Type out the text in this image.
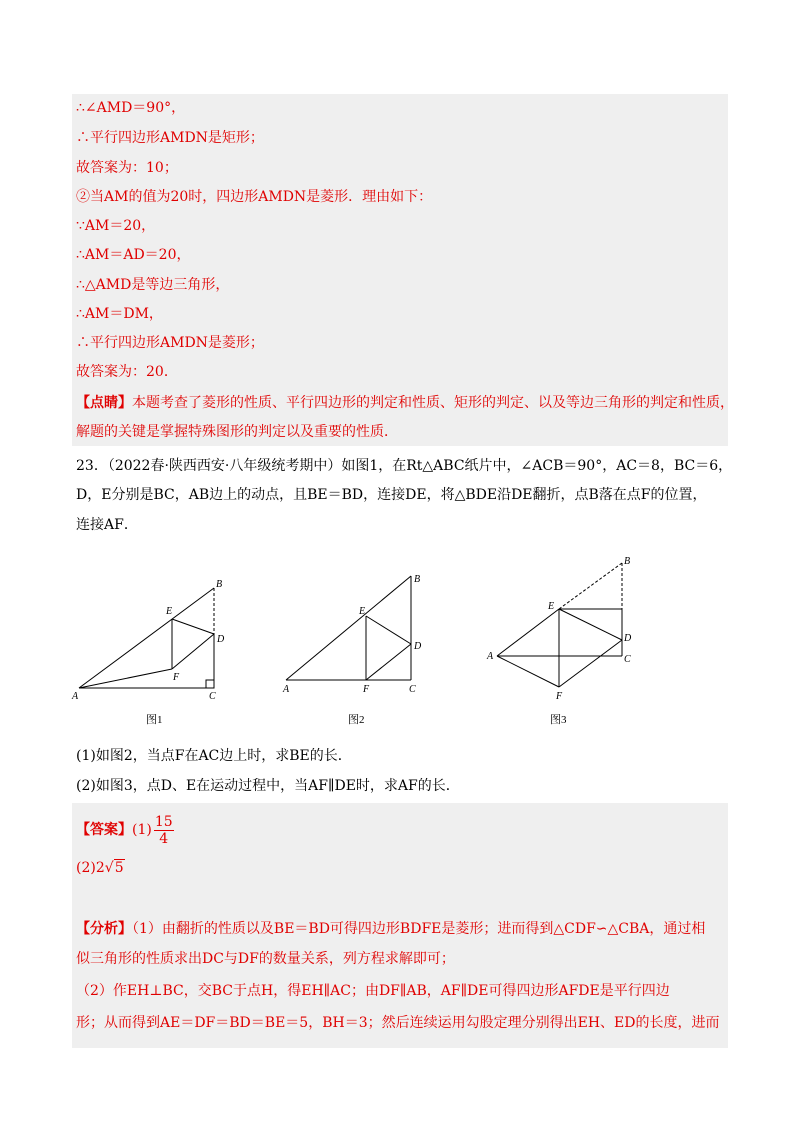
∴∠AMD＝90°，
∴平行四边形AMDN是矩形；
故答案为：10；
②当AM的值为20时，四边形AMDN是菱形．理由如下：
∵AM＝20，
∴AM＝AD＝20，
∴△AMD是等边三角形，
∴AM＝DM，
∴平行四边形AMDN是菱形；
故答案为：20．
【点睛】本题考查了菱形的性质、平行四边形的判定和性质、矩形的判定、以及等边三角形的判定和性质，
解题的关键是掌握特殊图形的判定以及重要的性质．
23．（2022春·陕西西安·八年级统考期中）如图1，在Rt△ABC纸片中，∠ACB＝90°，AC＝8，BC＝6，
D，E分别是BC，AB边上的动点，且BE＝BD，连接DE，将△BDE沿DE翻折，点B落在点F的位置，
连接AF．
A
B
C
D
E
F
图1
A
B
C
D
E
F
图2
A
B
C
D
E
F
图3
(1)如图2，当点F在AC边上时，求BE的长．
(2)如图3，点D、E在运动过程中，当AF∥DE时，求AF的长．
【答案】$(1) \frac{15}{4}$
(2)2√5
【分析】（1）由翻折的性质以及BE＝BD可得四边形BDFE是菱形；进而得到△CDF∽△CBA，通过相
似三角形的性质求出DC与DF的数量关系，列方程求解即可；
（2）作EH⊥BC，交BC于点H，得EH∥AC；由DF∥AB，AF∥DE可得四边形AFDE是平行四边
形；从而得到AE＝DF＝BD＝BE＝5，BH＝3；然后连续运用勾股定理分别得出EH、ED的长度，进而
